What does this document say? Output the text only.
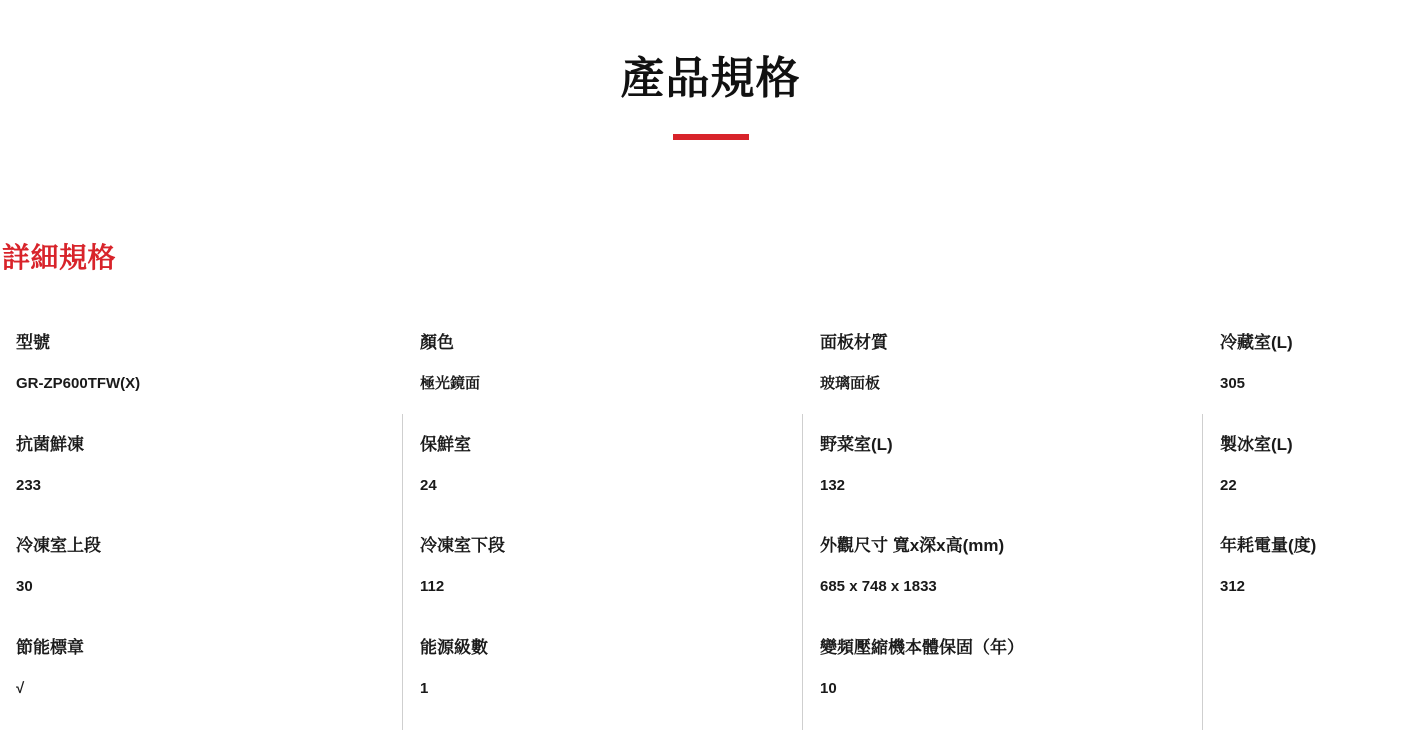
產品規格
詳細規格
型號
GR-ZP600TFW(X)
顏色
極光鏡面
面板材質
玻璃面板
冷藏室(L)
305
抗菌鮮凍
233
保鮮室
24
野菜室(L)
132
製冰室(L)
22
冷凍室上段
30
冷凍室下段
112
外觀尺寸 寬x深x高(mm)
685 x 748 x 1833
年耗電量(度)
312
節能標章
√
能源級數
1
變頻壓縮機本體保固（年）
10
